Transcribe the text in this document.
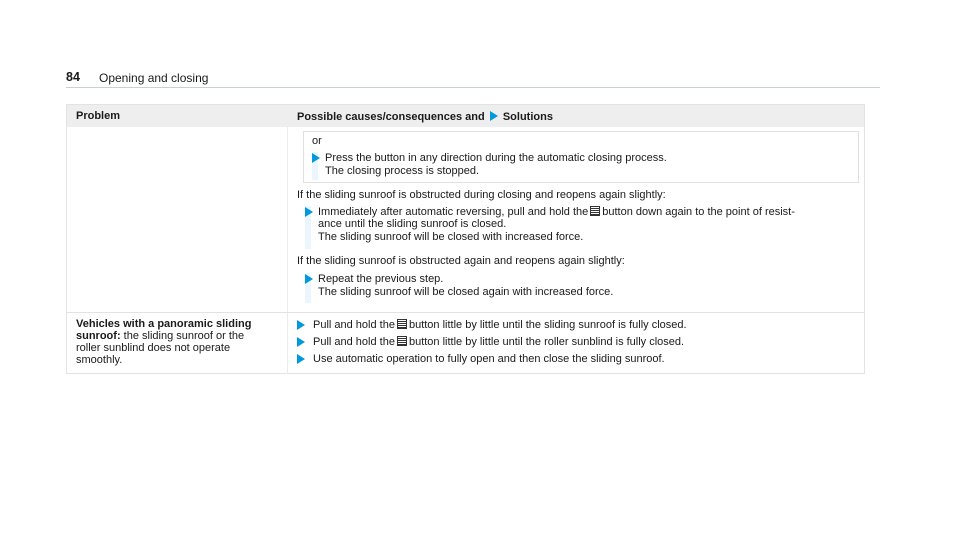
84 Opening and closing
Problem	Possible causes/consequences and Solutions
or
Press the button in any direction during the automatic closing process.
The closing process is stopped.
If the sliding sunroof is obstructed during closing and reopens again slightly:
Immediately after automatic reversing, pull and hold the button down again to the point of resist-
ance until the sliding sunroof is closed.
The sliding sunroof will be closed with increased force.
If the sliding sunroof is obstructed again and reopens again slightly:
Repeat the previous step.
The sliding sunroof will be closed again with increased force.
Vehicles with a panoramic sliding
sunroof: the sliding sunroof or the
roller sunblind does not operate
smoothly.
Pull and hold the button little by little until the sliding sunroof is fully closed.
Pull and hold the button little by little until the roller sunblind is fully closed.
Use automatic operation to fully open and then close the sliding sunroof.
